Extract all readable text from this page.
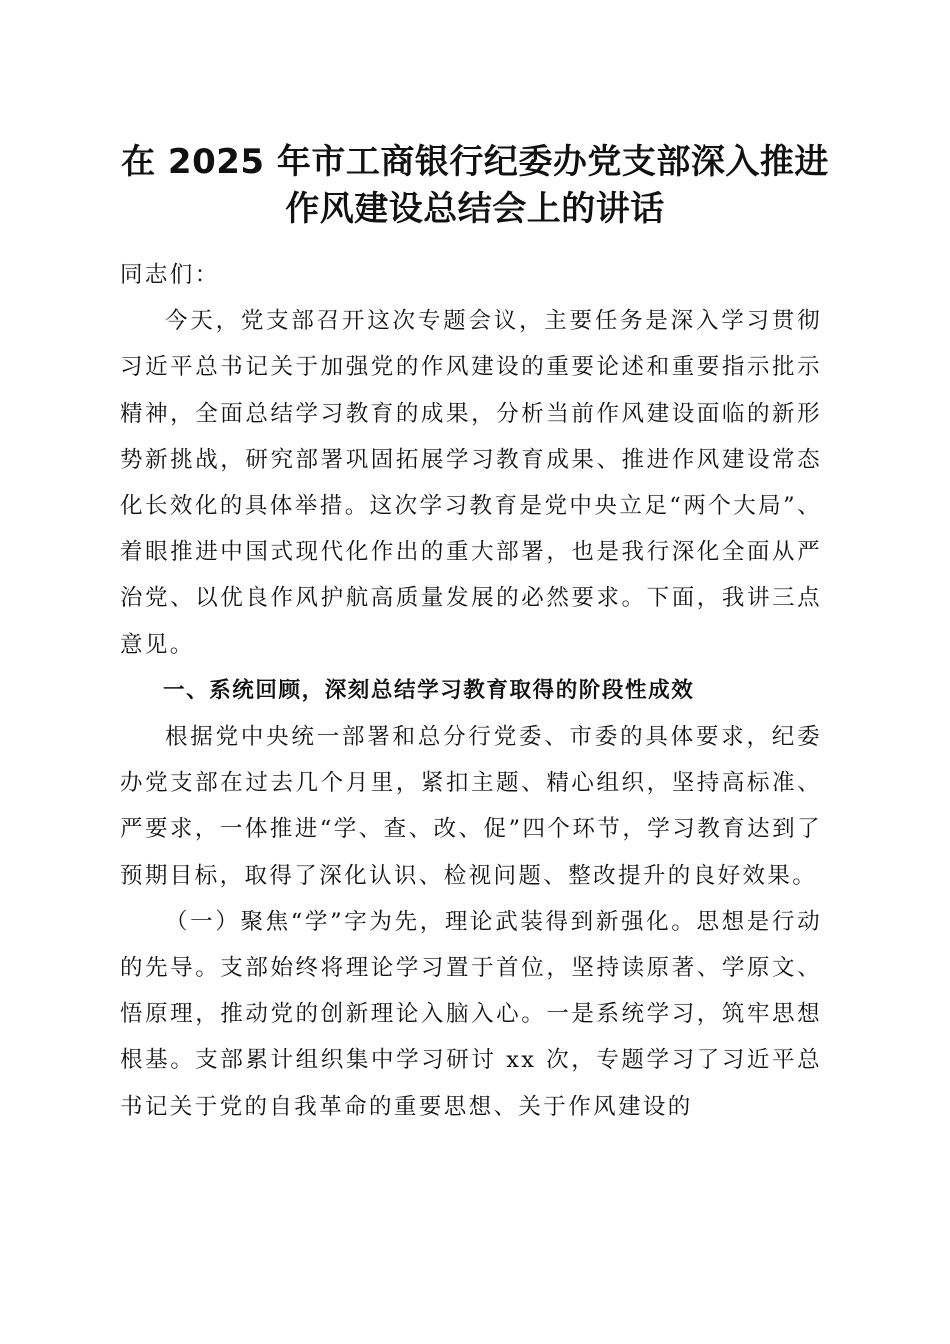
在 2025 年市工商银行纪委办党支部深入推进
作风建设总结会上的讲话

同志们：

今天，党支部召开这次专题会议，主要任务是深入学习贯彻习近平总书记关于加强党的作风建设的重要论述和重要指示批示精神，全面总结学习教育的成果，分析当前作风建设面临的新形势新挑战，研究部署巩固拓展学习教育成果、推进作风建设常态化长效化的具体举措。这次学习教育是党中央立足“两个大局”、着眼推进中国式现代化作出的重大部署，也是我行深化全面从严治党、以优良作风护航高质量发展的必然要求。下面，我讲三点意见。

一、系统回顾，深刻总结学习教育取得的阶段性成效

根据党中央统一部署和总分行党委、市委的具体要求，纪委办党支部在过去几个月里，紧扣主题、精心组织，坚持高标准、严要求，一体推进“学、查、改、促”四个环节，学习教育达到了预期目标，取得了深化认识、检视问题、整改提升的良好效果。

（一）聚焦“学”字为先，理论武装得到新强化。思想是行动的先导。支部始终将理论学习置于首位，坚持读原著、学原文、悟原理，推动党的创新理论入脑入心。一是系统学习，筑牢思想根基。支部累计组织集中学习研讨 xx 次，专题学习了习近平总书记关于党的自我革命的重要思想、关于作风建设的
